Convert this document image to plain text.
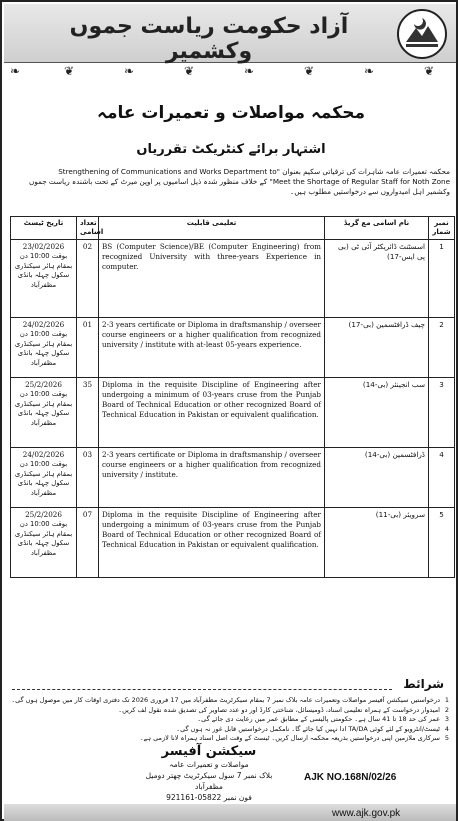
آزاد حکومت ریاست جموں وکشمیر
❧	❦	❧	❦	❧	❦	❧	❦
محکمہ مواصلات و تعمیرات عامہ
اشتہار برائے کنٹریکٹ تقرریاں

محکمہ تعمیرات عامہ شاہرات کی ترقیاتی سکیم بعنوان "Strengthening of Communications and Works Department to

Meet the Shortage of Regular Staff for Noth Zone" کے خلاف منظور شدہ ذیل اسامیوں پر اوپن میرٹ کے تحت باشندہ ریاست جموں

وکشمیر اہل امیدواروں سے درخواستیں مطلوب ہیں۔

تاریخ ٹیسٹ	تعداد اسامی	تعلیمی قابلیت	نام اسامی مع گریڈ	نمبر شمار

23/02/2026
بوقت 10:00 دن بمقام ہائر سیکنڈری سکول چہلہ بانڈی مظفرآباد	02	BS (Computer Science)/BE (Computer Engineering) from recognized University with three-years Experience in computer.	اسسٹنٹ ڈائریکٹر آئی ٹی (بی پی ایس-17)	1

24/02/2026
بوقت 10:00 دن بمقام ہائر سیکنڈری سکول چہلہ بانڈی مظفرآباد	01	2-3 years certificate or Diploma in draftsmanship / overseer course engineers or a higher qualification from recognized university / institute with at-least 05-years experience.	چیف ڈرافٹسمین (بی-17)	2

25/2/2026
بوقت 10:00 دن بمقام ہائر سیکنڈری سکول چہلہ بانڈی مظفرآباد	35	Diploma in the requisite Discipline of Engineering after undergoing a minimum of 03-years cruse from the Punjab Board of Technical Education or other recognized Board of Technical Education in Pakistan or equivalent qualification.	سب انجینئر (بی-14)	3

24/02/2026
بوقت 10:00 دن بمقام ہائر سیکنڈری سکول چہلہ بانڈی مظفرآباد	03	2-3 years certificate or Diploma in draftsmanship / overseer course engineers or a higher qualification from recognized university / institute.	ڈرافٹسمین (بی-14)	4

25/2/2026
بوقت 10:00 دن بمقام ہائر سیکنڈری سکول چہلہ بانڈی مظفرآباد	07	Diploma in the requisite Discipline of Engineering after undergoing a minimum of 03-years cruse from the Punjab Board of Technical Education or other recognized Board of Technical Education in Pakistan or equivalent qualification.	سرویئر (بی-11)	5
شرائط
1
درخواستیں سیکشن آفیسر مواصلات وتعمیرات عامہ بلاک نمبر 7 بمقام سیکرٹریٹ مظفرآباد میں 17 فروری 2026 تک دفتری اوقات کار میں موصول ہوں گی۔
2
امیدوار درخواست کے ہمراہ تعلیمی اسناد، ڈومیسائل، شناختی کارڈ اور دو عدد تصاویر کی تصدیق شدہ نقول لف کریں۔
3
عمر کی حد 18 تا 41 سال ہے۔ حکومتی پالیسی کے مطابق عمر میں رعایت دی جائے گی۔
4
ٹیسٹ/انٹرویو کے لئے کوئی TA/DA ادا نہیں کیا جائے گا۔ نامکمل درخواستیں قابل غور نہ ہوں گی۔
5
سرکاری ملازمین اپنی درخواستیں بذریعہ محکمہ ارسال کریں۔ ٹیسٹ کے وقت اصل اسناد ہمراہ لانا لازمی ہے۔
سیکشن آفیسر
مواصلات و تعمیرات عامہ
بلاک نمبر 7 سول سیکرٹریٹ چھتر دومیل مظفرآباد
فون نمبر 05822-921161
AJK NO.168N/02/26
www.ajk.gov.pk
